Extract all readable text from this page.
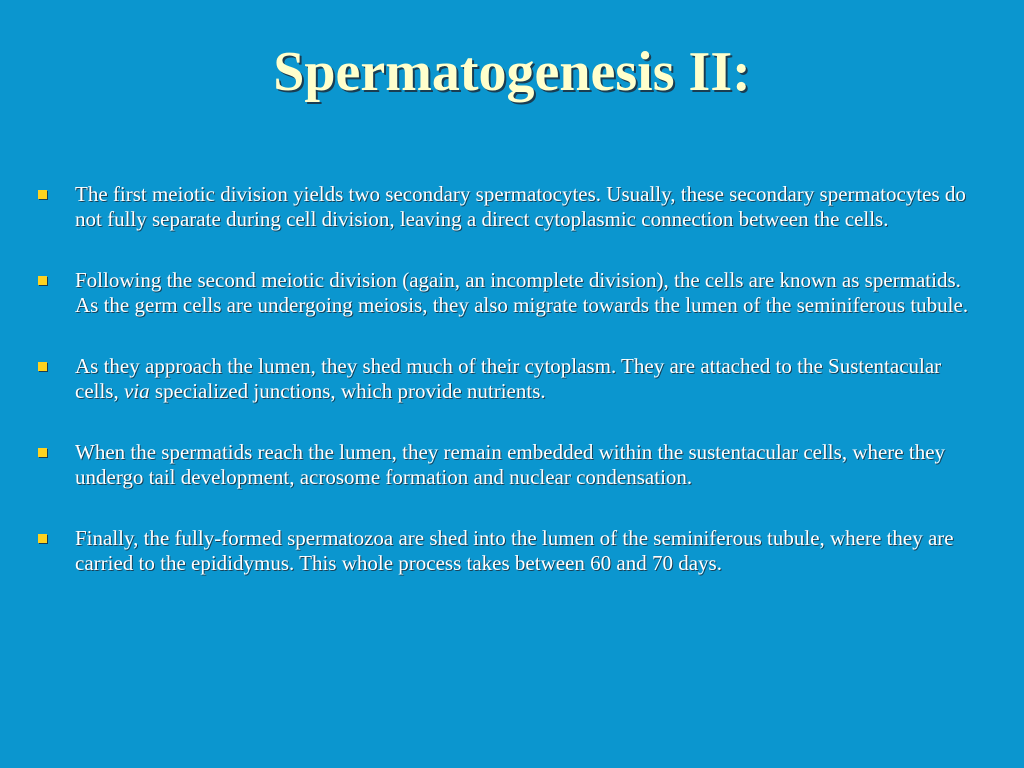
Spermatogenesis II:
The first meiotic division yields two secondary spermatocytes. Usually, these secondary spermatocytes do not fully separate during cell division, leaving a direct cytoplasmic connection between the cells.
Following the second meiotic division (again, an incomplete division), the cells are known as spermatids. As the germ cells are undergoing meiosis, they also migrate towards the lumen of the seminiferous tubule.
As they approach the lumen, they shed much of their cytoplasm. They are attached to the Sustentacular cells, via specialized junctions, which provide nutrients.
When the spermatids reach the lumen, they remain embedded within the sustentacular cells, where they undergo tail development, acrosome formation and nuclear condensation.
Finally, the fully-formed spermatozoa are shed into the lumen of the seminiferous tubule, where they are carried to the epididymus. This whole process takes between 60 and 70 days.
